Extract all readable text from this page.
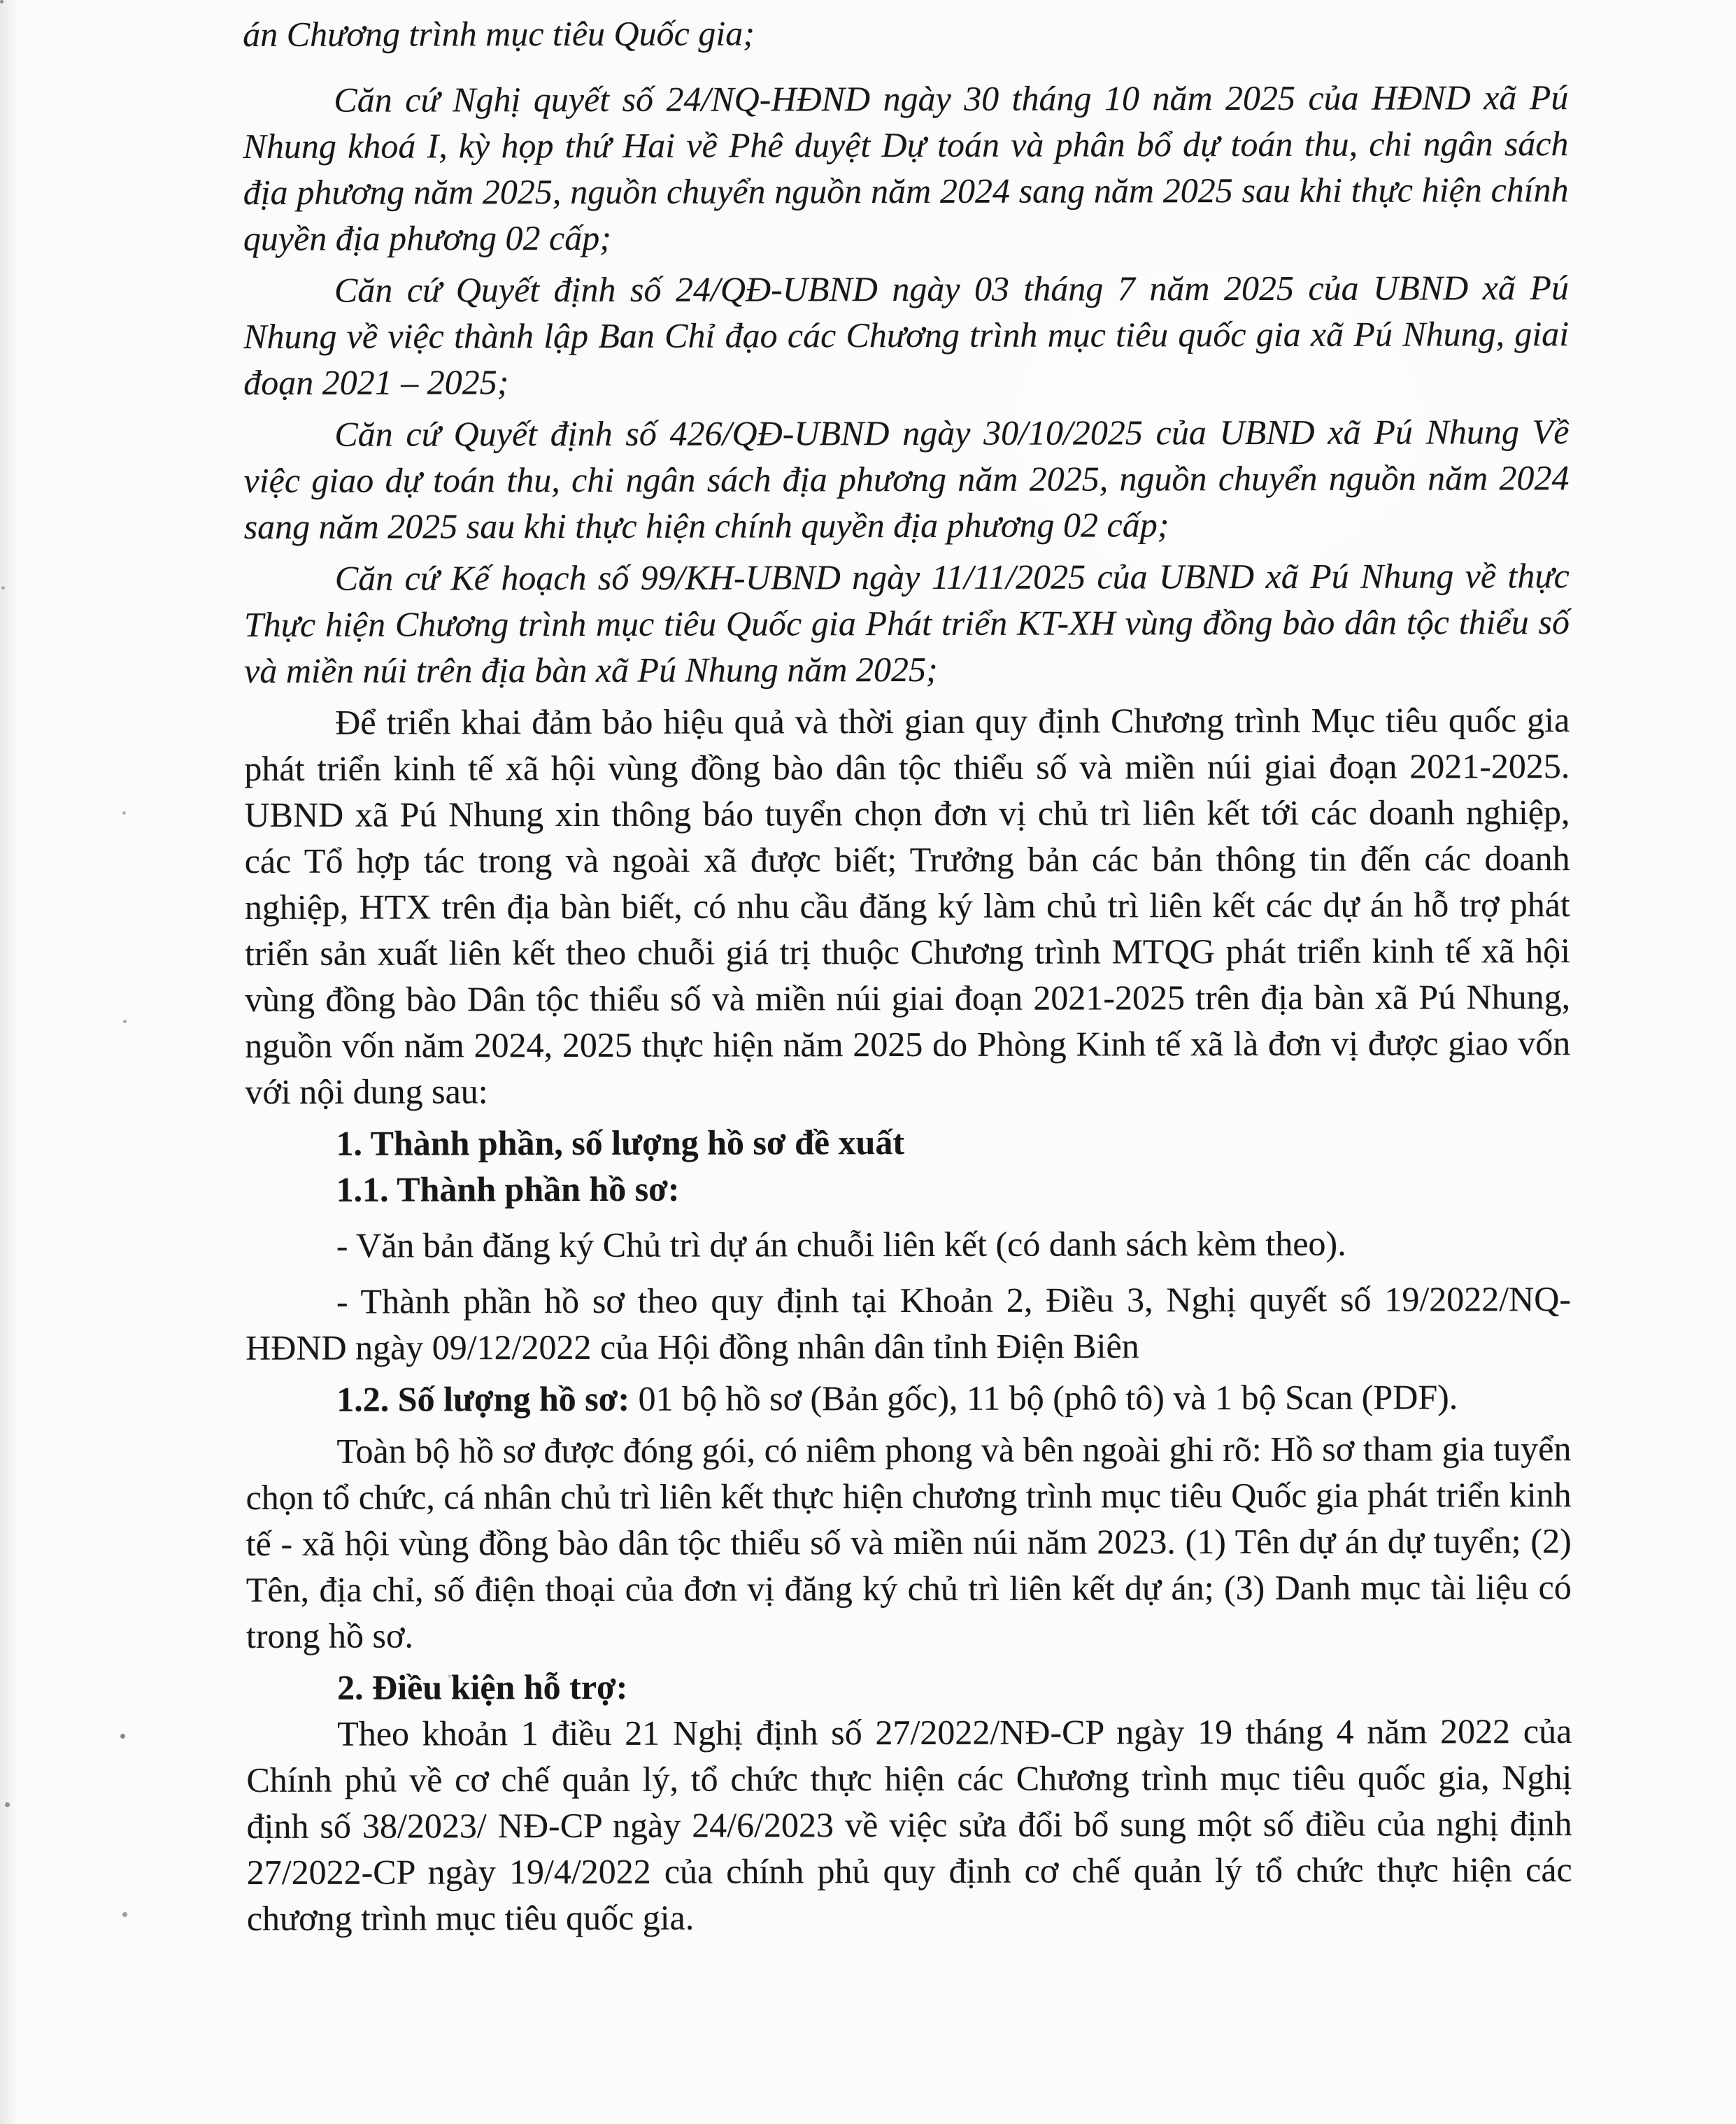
án Chương trình mục tiêu Quốc gia;

Căn cứ Nghị quyết số 24/NQ-HĐND ngày 30 tháng 10 năm 2025 của HĐND xã Pú Nhung khoá I, kỳ họp thứ Hai về Phê duyệt Dự toán và phân bổ dự toán thu, chi ngân sách địa phương năm 2025, nguồn chuyển nguồn năm 2024 sang năm 2025 sau khi thực hiện chính quyền địa phương 02 cấp;

Căn cứ Quyết định số 24/QĐ-UBND ngày 03 tháng 7 năm 2025 của UBND xã Pú Nhung về việc thành lập Ban Chỉ đạo các Chương trình mục tiêu quốc gia xã Pú Nhung, giai đoạn 2021 – 2025;

Căn cứ Quyết định số 426/QĐ-UBND ngày 30/10/2025 của UBND xã Pú Nhung Về việc giao dự toán thu, chi ngân sách địa phương năm 2025, nguồn chuyển nguồn năm 2024 sang năm 2025 sau khi thực hiện chính quyền địa phương 02 cấp;

Căn cứ Kế hoạch số 99/KH-UBND ngày 11/11/2025 của UBND xã Pú Nhung về thực Thực hiện Chương trình mục tiêu Quốc gia Phát triển KT-XH vùng đồng bào dân tộc thiểu số và miền núi trên địa bàn xã Pú Nhung năm 2025;

Để triển khai đảm bảo hiệu quả và thời gian quy định Chương trình Mục tiêu quốc gia phát triển kinh tế xã hội vùng đồng bào dân tộc thiểu số và miền núi giai đoạn 2021-2025. UBND xã Pú Nhung xin thông báo tuyển chọn đơn vị chủ trì liên kết tới các doanh nghiệp, các Tổ hợp tác trong và ngoài xã được biết; Trưởng bản các bản thông tin đến các doanh nghiệp, HTX trên địa bàn biết, có nhu cầu đăng ký làm chủ trì liên kết các dự án hỗ trợ phát triển sản xuất liên kết theo chuỗi giá trị thuộc Chương trình MTQG phát triển kinh tế xã hội vùng đồng bào Dân tộc thiểu số và miền núi giai đoạn 2021-2025 trên địa bàn xã Pú Nhung, nguồn vốn năm 2024, 2025 thực hiện năm 2025 do Phòng Kinh tế xã là đơn vị được giao vốn với nội dung sau:

1. Thành phần, số lượng hồ sơ đề xuất

1.1. Thành phần hồ sơ:

- Văn bản đăng ký Chủ trì dự án chuỗi liên kết (có danh sách kèm theo).

- Thành phần hồ sơ theo quy định tại Khoản 2, Điều 3, Nghị quyết số 19/2022/NQ-HĐND ngày 09/12/2022 của Hội đồng nhân dân tỉnh Điện Biên

1.2. Số lượng hồ sơ: 01 bộ hồ sơ (Bản gốc), 11 bộ (phô tô) và 1 bộ Scan (PDF).

Toàn bộ hồ sơ được đóng gói, có niêm phong và bên ngoài ghi rõ: Hồ sơ tham gia tuyển chọn tổ chức, cá nhân chủ trì liên kết thực hiện chương trình mục tiêu Quốc gia phát triển kinh tế - xã hội vùng đồng bào dân tộc thiểu số và miền núi năm 2023. (1) Tên dự án dự tuyển; (2) Tên, địa chỉ, số điện thoại của đơn vị đăng ký chủ trì liên kết dự án; (3) Danh mục tài liệu có trong hồ sơ.

2. Điều kiện hỗ trợ:

Theo khoản 1 điều 21 Nghị định số 27/2022/NĐ-CP ngày 19 tháng 4 năm 2022 của Chính phủ về cơ chế quản lý, tổ chức thực hiện các Chương trình mục tiêu quốc gia, Nghị định số 38/2023/ NĐ-CP ngày 24/6/2023 về việc sửa đổi bổ sung một số điều của nghị định 27/2022-CP ngày 19/4/2022 của chính phủ quy định cơ chế quản lý tổ chức thực hiện các chương trình mục tiêu quốc gia.
